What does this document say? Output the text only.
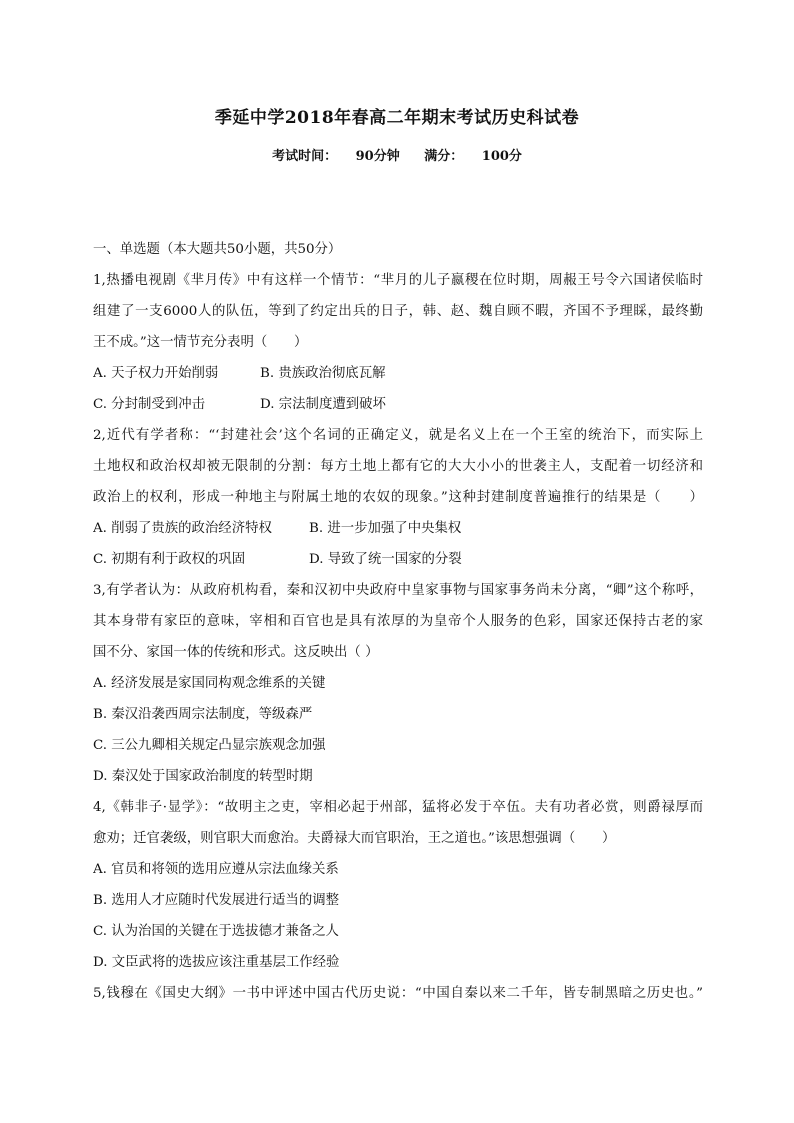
季延中学2018年春高二年期末考试历史科试卷
考试时间： 90分钟 满分： 100分
一、单选题（本大题共50小题，共50分）
1,热播电视剧《芈月传》中有这样一个情节：“芈月的儿子嬴稷在位时期，周赧王号令六国诸侯临时
组建了一支6000人的队伍，等到了约定出兵的日子，韩、赵、魏自顾不暇，齐国不予理睬，最终勤
王不成。”这一情节充分表明（　　）
A. 天子权力开始削弱	B. 贵族政治彻底瓦解
C. 分封制受到冲击	D. 宗法制度遭到破坏
2,近代有学者称：“‘封建社会’这个名词的正确定义，就是名义上在一个王室的统治下，而实际上
土地权和政治权却被无限制的分割：每方土地上都有它的大大小小的世袭主人，支配着一切经济和
政治上的权利，形成一种地主与附属土地的农奴的现象。”这种封建制度普遍推行的结果是（　　）
A. 削弱了贵族的政治经济特权	B. 进一步加强了中央集权
C. 初期有利于政权的巩固	D. 导致了统一国家的分裂
3,有学者认为：从政府机构看，秦和汉初中央政府中皇家事物与国家事务尚未分离，“卿”这个称呼，
其本身带有家臣的意味，宰相和百官也是具有浓厚的为皇帝个人服务的色彩，国家还保持古老的家
国不分、家国一体的传统和形式。这反映出（ ）
A. 经济发展是家国同构观念维系的关键
B. 秦汉沿袭西周宗法制度，等级森严
C. 三公九卿相关规定凸显宗族观念加强
D. 秦汉处于国家政治制度的转型时期
4,《韩非子·显学》：“故明主之吏，宰相必起于州部，猛将必发于卒伍。夫有功者必赏，则爵禄厚而
愈劝；迁官袭级，则官职大而愈治。夫爵禄大而官职治，王之道也。”该思想强调（　　）
A. 官员和将领的选用应遵从宗法血缘关系
B. 选用人才应随时代发展进行适当的调整
C. 认为治国的关键在于选拔德才兼备之人
D. 文臣武将的选拔应该注重基层工作经验
5,钱穆在《国史大纲》一书中评述中国古代历史说：“中国自秦以来二千年，皆专制黑暗之历史也。”
